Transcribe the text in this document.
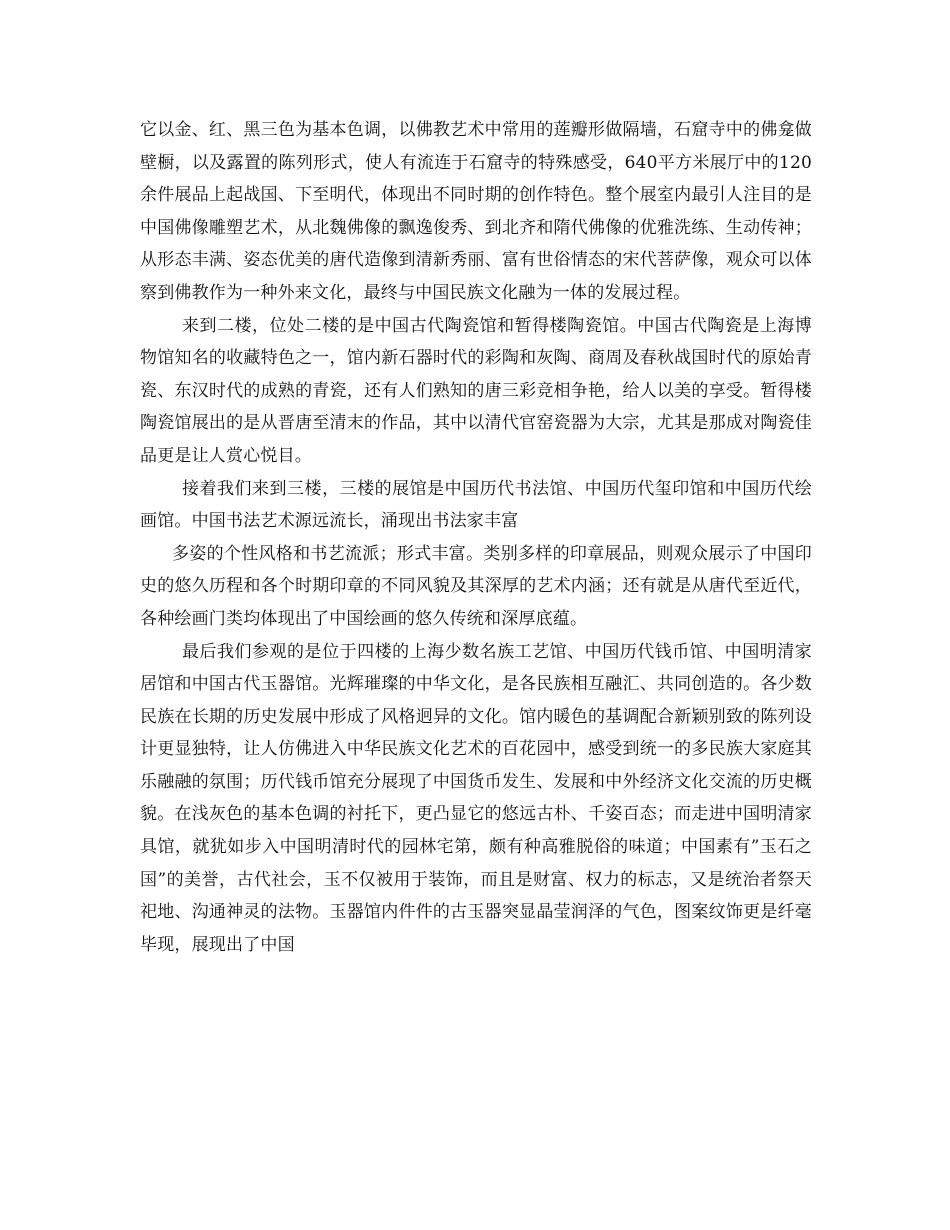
它以金、红、黑三色为基本色调，以佛教艺术中常用的莲瓣形做隔墙，石窟寺中的佛龛做壁橱，以及露置的陈列形式，使人有流连于石窟寺的特殊感受，640平方米展厅中的120余件展品上起战国、下至明代，体现出不同时期的创作特色。整个展室内最引人注目的是中国佛像雕塑艺术，从北魏佛像的飘逸俊秀、到北齐和隋代佛像的优雅洗练、生动传神；从形态丰满、姿态优美的唐代造像到清新秀丽、富有世俗情态的宋代菩萨像，观众可以体察到佛教作为一种外来文化，最终与中国民族文化融为一体的发展过程。

来到二楼，位处二楼的是中国古代陶瓷馆和暂得楼陶瓷馆。中国古代陶瓷是上海博物馆知名的收藏特色之一，馆内新石器时代的彩陶和灰陶、商周及春秋战国时代的原始青瓷、东汉时代的成熟的青瓷，还有人们熟知的唐三彩竞相争艳，给人以美的享受。暂得楼陶瓷馆展出的是从晋唐至清末的作品，其中以清代官窑瓷器为大宗，尤其是那成对陶瓷佳品更是让人赏心悦目。

接着我们来到三楼，三楼的展馆是中国历代书法馆、中国历代玺印馆和中国历代绘画馆。中国书法艺术源远流长，涌现出书法家丰富

多姿的个性风格和书艺流派；形式丰富。类别多样的印章展品，则观众展示了中国印史的悠久历程和各个时期印章的不同风貌及其深厚的艺术内涵；还有就是从唐代至近代，各种绘画门类均体现出了中国绘画的悠久传统和深厚底蕴。

最后我们参观的是位于四楼的上海少数名族工艺馆、中国历代钱币馆、中国明清家居馆和中国古代玉器馆。光辉璀璨的中华文化，是各民族相互融汇、共同创造的。各少数民族在长期的历史发展中形成了风格迥异的文化。馆内暖色的基调配合新颖别致的陈列设计更显独特，让人仿佛进入中华民族文化艺术的百花园中，感受到统一的多民族大家庭其乐融融的氛围；历代钱币馆充分展现了中国货币发生、发展和中外经济文化交流的历史概貌。在浅灰色的基本色调的衬托下，更凸显它的悠远古朴、千姿百态；而走进中国明清家具馆，就犹如步入中国明清时代的园林宅第，颇有种高雅脱俗的味道；中国素有”玉石之国”的美誉，古代社会，玉不仅被用于装饰，而且是财富、权力的标志，又是统治者祭天祀地、沟通神灵的法物。玉器馆内件件的古玉器突显晶莹润泽的气色，图案纹饰更是纤毫毕现，展现出了中国
